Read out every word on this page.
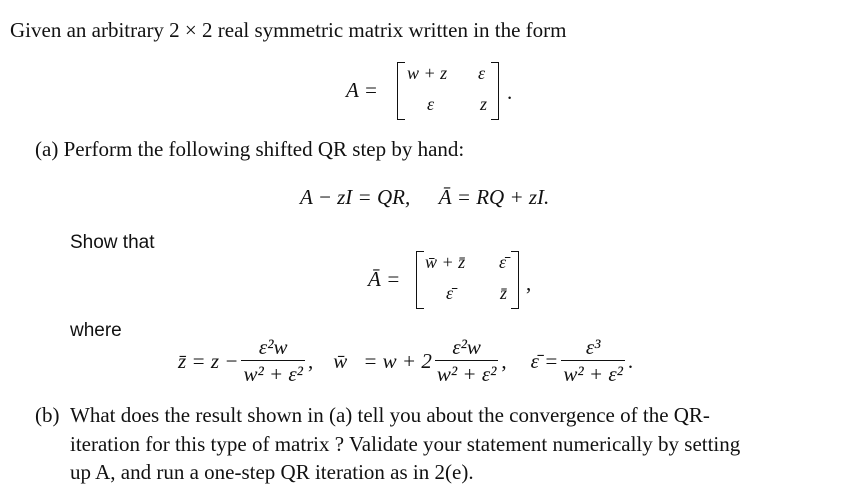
Given an arbitrary 2 × 2 real symmetric matrix written in the form
A =
w + z ε
ε	z .
(a) Perform the following shifted QR step by hand:
A − zI = QR, Ā = RQ + zI.
Show that
Ā =
w̄ + z̄ ε̄
ε̄	z̄ ,
where
z̄ = $z - \frac{\text{ε²w}}{\text{w² + ε²}}$ , w̄ = $w + 2 \frac{\text{ε²w}}{\text{w² + ε²}}$ , ε̄ = $\frac{\text{ε³}}{\text{w² + ε²}}$ .
(b) What does the result shown in (a) tell you about the convergence of the QR-
iteration for this type of matrix ? Validate your statement numerically by setting
up A, and run a one-step QR iteration as in 2(e).
